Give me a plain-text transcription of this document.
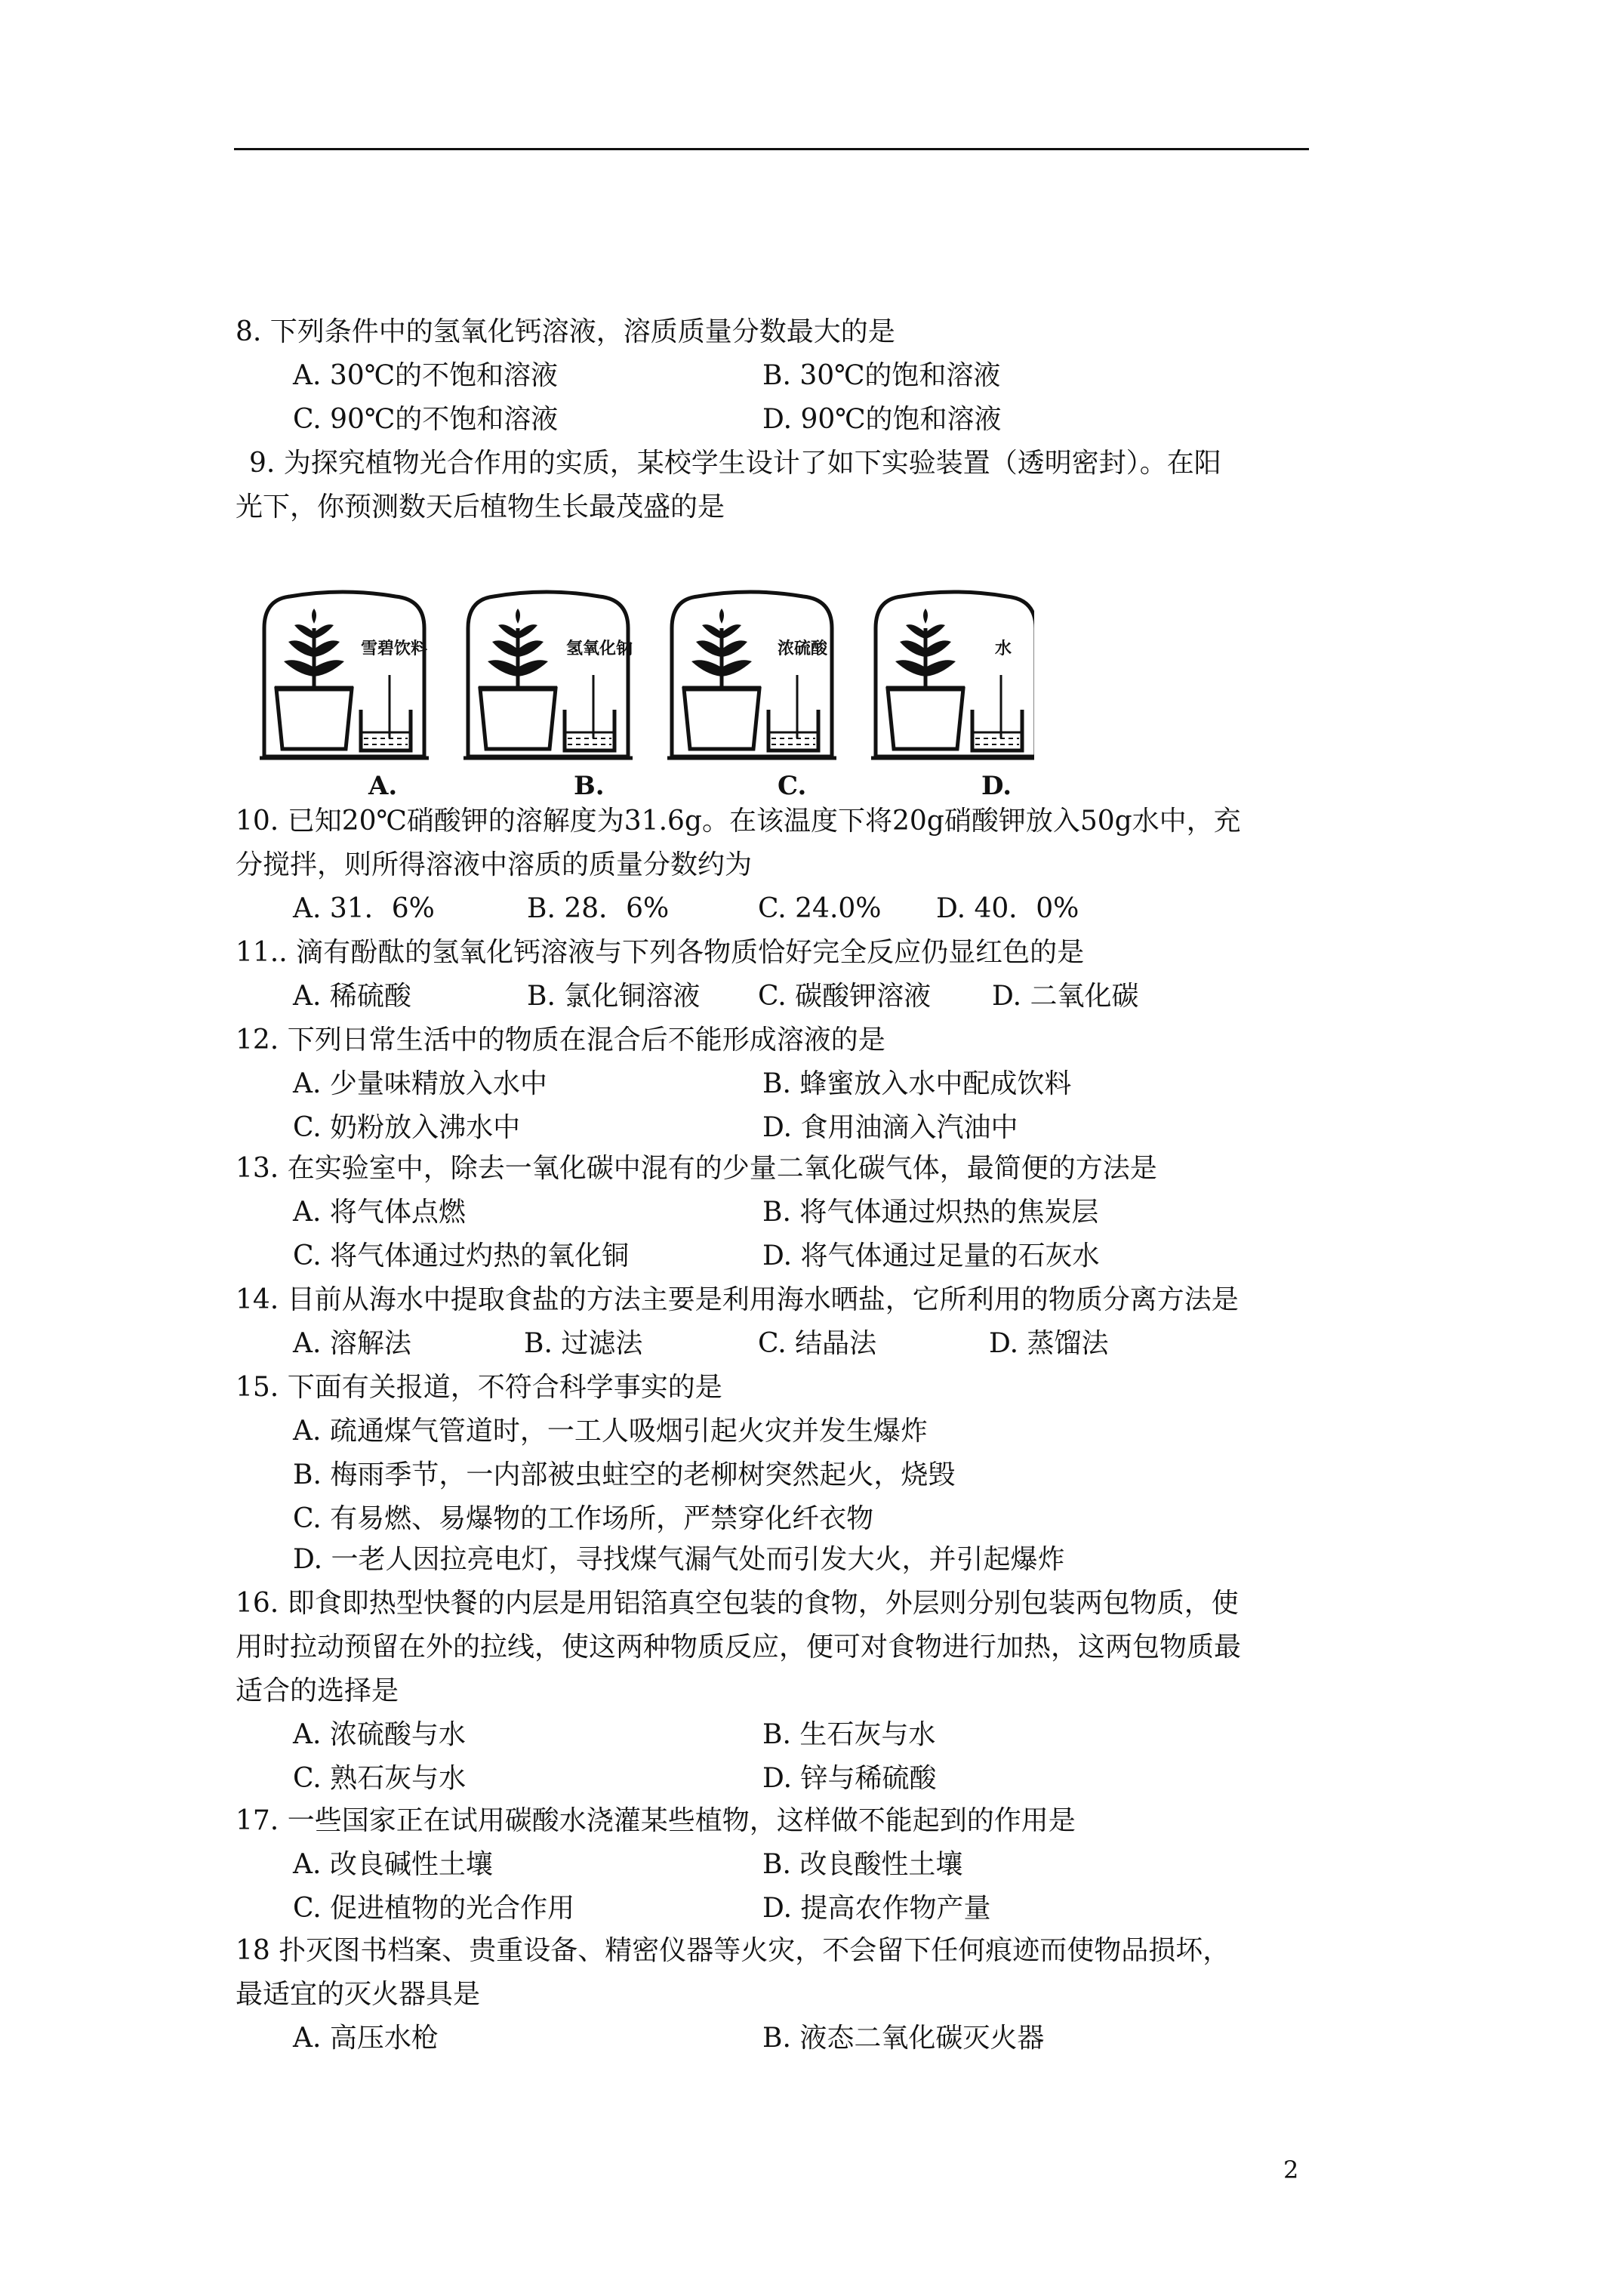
8. 下列条件中的氢氧化钙溶液，溶质质量分数最大的是
A. 30℃的不饱和溶液	B. 30℃的饱和溶液
C. 90℃的不饱和溶液	D. 90℃的饱和溶液
9. 为探究植物光合作用的实质，某校学生设计了如下实验装置（透明密封）。在阳
光下，你预测数天后植物生长最茂盛的是
雪碧饮料	氢氧化钠	浓硫酸	水
A.	B.	C.	D.
10. 已知20℃硝酸钾的溶解度为31.6g。在该温度下将20g硝酸钾放入50g水中，充
分搅拌，则所得溶液中溶质的质量分数约为
A. 31．6%	B. 28．6%	C. 24.0% D. 40．0%
11.. 滴有酚酞的氢氧化钙溶液与下列各物质恰好完全反应仍显红色的是
A. 稀硫酸	B. 氯化铜溶液 C. 碳酸钾溶液 D. 二氧化碳
12. 下列日常生活中的物质在混合后不能形成溶液的是
A. 少量味精放入水中	B. 蜂蜜放入水中配成饮料
C. 奶粉放入沸水中	D. 食用油滴入汽油中
13. 在实验室中，除去一氧化碳中混有的少量二氧化碳气体，最简便的方法是
A. 将气体点燃	B. 将气体通过炽热的焦炭层
C. 将气体通过灼热的氧化铜	D. 将气体通过足量的石灰水
14. 目前从海水中提取食盐的方法主要是利用海水晒盐，它所利用的物质分离方法是
A. 溶解法	B. 过滤法	C. 结晶法	D. 蒸馏法
15. 下面有关报道，不符合科学事实的是
A. 疏通煤气管道时，一工人吸烟引起火灾并发生爆炸
B. 梅雨季节，一内部被虫蛀空的老柳树突然起火，烧毁
C. 有易燃、易爆物的工作场所，严禁穿化纤衣物
D. 一老人因拉亮电灯，寻找煤气漏气处而引发大火，并引起爆炸
16. 即食即热型快餐的内层是用铝箔真空包装的食物，外层则分别包装两包物质，使
用时拉动预留在外的拉线，使这两种物质反应，便可对食物进行加热，这两包物质最
适合的选择是
A. 浓硫酸与水	B. 生石灰与水
C. 熟石灰与水	D. 锌与稀硫酸
17. 一些国家正在试用碳酸水浇灌某些植物，这样做不能起到的作用是
A. 改良碱性土壤	B. 改良酸性土壤
C. 促进植物的光合作用	D. 提高农作物产量
18 扑灭图书档案、贵重设备、精密仪器等火灾，不会留下任何痕迹而使物品损坏，
最适宜的灭火器具是
A. 高压水枪	B. 液态二氧化碳灭火器
2
